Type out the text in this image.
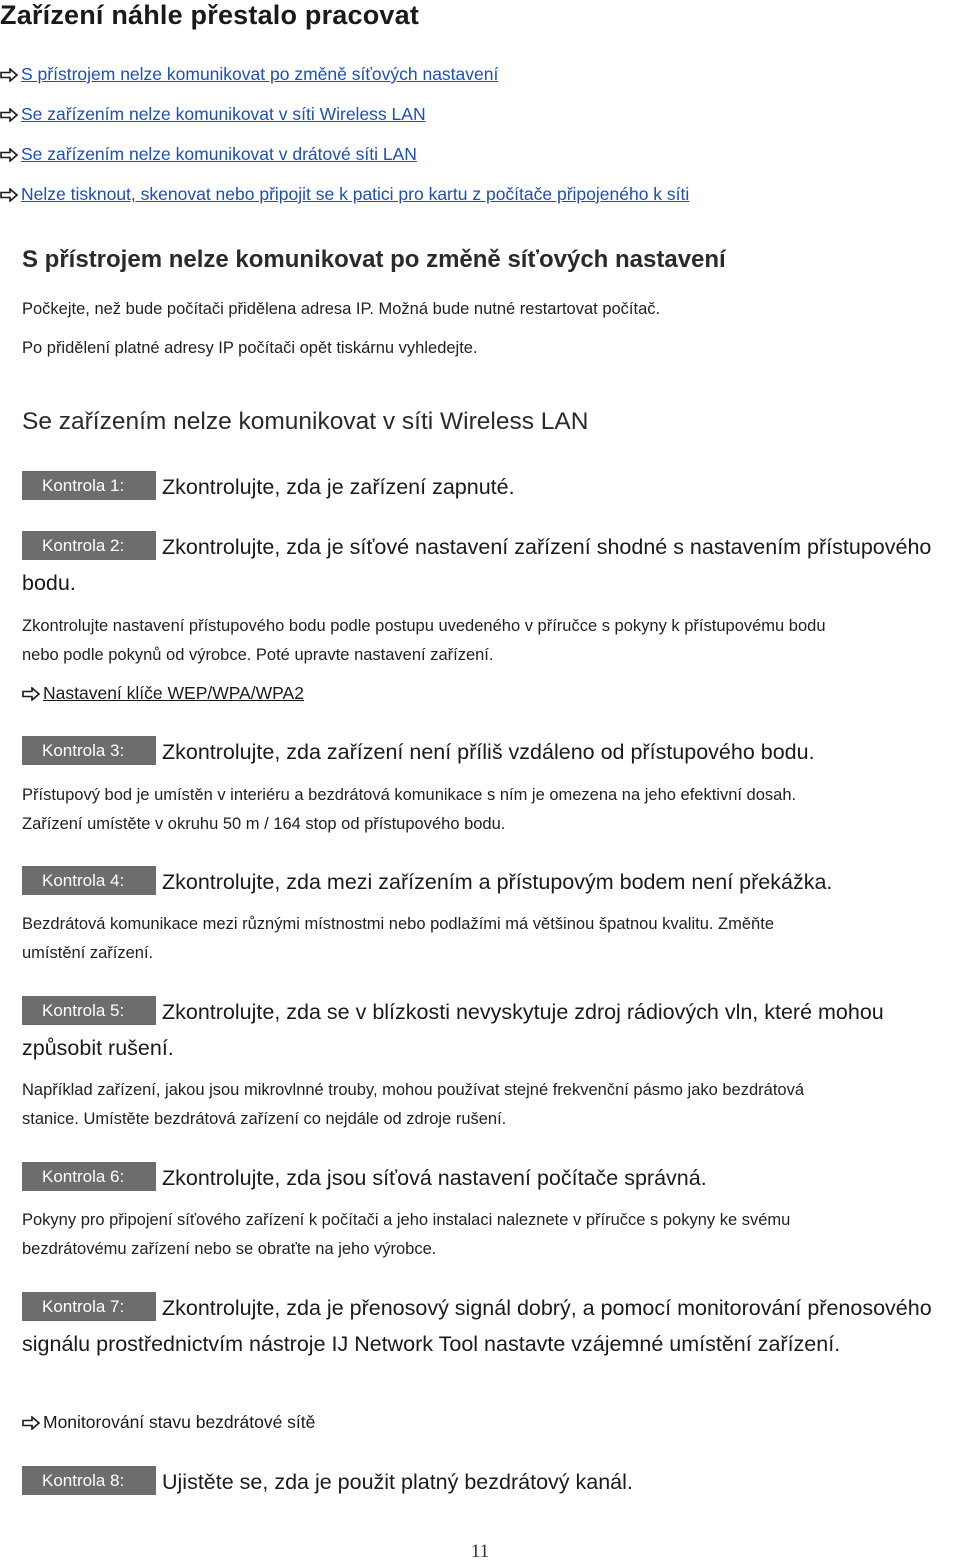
Zařízení náhle přestalo pracovat
S přístrojem nelze komunikovat po změně síťových nastavení
Se zařízením nelze komunikovat v síti Wireless LAN
Se zařízením nelze komunikovat v drátové síti LAN
Nelze tisknout, skenovat nebo připojit se k patici pro kartu z počítače připojeného k síti
S přístrojem nelze komunikovat po změně síťových nastavení

Počkejte, než bude počítači přidělena adresa IP. Možná bude nutné restartovat počítač.

Po přidělení platné adresy IP počítači opět tiskárnu vyhledejte.

Se zařízením nelze komunikovat v síti Wireless LAN
Kontrola 1:	Zkontrolujte, zda je zařízení zapnuté.

Kontrola 2:	Zkontrolujte, zda je síťové nastavení zařízení shodné s nastavením přístupového bodu.

Zkontrolujte nastavení přístupového bodu podle postupu uvedeného v příručce s pokyny k přístupovému bodu

nebo podle pokynů od výrobce. Poté upravte nastavení zařízení.

Nastavení klíče WEP/WPA/WPA2
Kontrola 3:	Zkontrolujte, zda zařízení není příliš vzdáleno od přístupového bodu.

Přístupový bod je umístěn v interiéru a bezdrátová komunikace s ním je omezena na jeho efektivní dosah.

Zařízení umístěte v okruhu 50 m / 164 stop od přístupového bodu.

Kontrola 4:	Zkontrolujte, zda mezi zařízením a přístupovým bodem není překážka.

Bezdrátová komunikace mezi různými místnostmi nebo podlažími má většinou špatnou kvalitu. Změňte

umístění zařízení.

Kontrola 5:	Zkontrolujte, zda se v blízkosti nevyskytuje zdroj rádiových vln, které mohou způsobit rušení.

Například zařízení, jakou jsou mikrovlnné trouby, mohou používat stejné frekvenční pásmo jako bezdrátová

stanice. Umístěte bezdrátová zařízení co nejdále od zdroje rušení.

Kontrola 6:	Zkontrolujte, zda jsou síťová nastavení počítače správná.

Pokyny pro připojení síťového zařízení k počítači a jeho instalaci naleznete v příručce s pokyny ke svému

bezdrátovému zařízení nebo se obraťte na jeho výrobce.

Kontrola 7:	Zkontrolujte, zda je přenosový signál dobrý, a pomocí monitorování přenosového signálu prostřednictvím nástroje IJ Network Tool nastavte vzájemné umístění zařízení.

Monitorování stavu bezdrátové sítě
Kontrola 8:	Ujistěte se, zda je použit platný bezdrátový kanál.

11
